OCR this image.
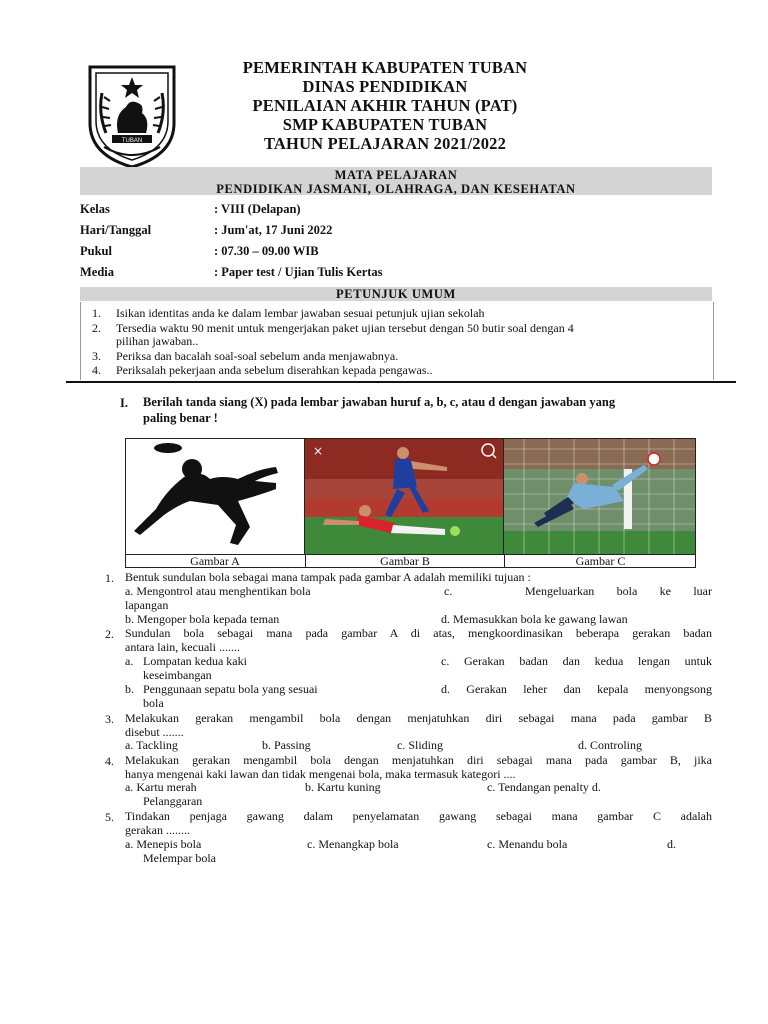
TUBAN
PEMERINTAH KABUPATEN TUBAN
DINAS PENDIDIKAN
PENILAIAN AKHIR TAHUN (PAT)
SMP KABUPATEN TUBAN
TAHUN PELAJARAN 2021/2022
MATA PELAJARAN
PENDIDIKAN JASMANI, OLAHRAGA, DAN KESEHATAN
Kelas	: VIII (Delapan)
Hari/Tanggal	: Jum'at, 17 Juni 2022
Pukul	: 07.30 – 09.00 WIB
Media	: Paper test / Ujian Tulis Kertas
PETUNJUK UMUM
1. Isikan identitas anda ke dalam lembar jawaban sesuai petunjuk ujian sekolah
2. Tersedia waktu 90 menit untuk mengerjakan paket ujian tersebut dengan 50 butir soal dengan 4
pilihan jawaban..
3. Periksa dan bacalah soal-soal sebelum anda menjawabnya.
4. Periksalah pekerjaan anda sebelum diserahkan kepada pengawas..
I. Berilah tanda siang (X) pada lembar jawaban huruf a, b, c, atau d dengan jawaban yang
paling benar !
×
Gambar A	Gambar B	Gambar C
1. Bentuk sundulan bola sebagai mana tampak pada gambar A adalah memiliki tujuan :
a. Mengontrol atau menghentikan bola	c.	Mengeluarkan bola ke luar
lapangan
b. Mengoper bola kepada teman	d. Memasukkan bola ke gawang lawan
2. Sundulan bola sebagai mana pada gambar A di atas, mengkoordinasikan beberapa gerakan badan
antara lain, kecuali .......
a. Lompatan kedua kaki	c. Gerakan badan dan kedua lengan untuk
keseimbangan
b. Penggunaan sepatu bola yang sesuai	d. Gerakan leher dan kepala menyongsong
bola
3. Melakukan gerakan mengambil bola dengan menjatuhkan diri sebagai mana pada gambar B
disebut .......
a. Tackling	b. Passing	c. Sliding	d. Controling
4. Melakukan gerakan mengambil bola dengan menjatuhkan diri sebagai mana pada gambar B, jika
hanya mengenai kaki lawan dan tidak mengenai bola, maka termasuk kategori ....
a. Kartu merah	b. Kartu kuning	c. Tendangan penalty d.
Pelanggaran
5. Tindakan penjaga gawang dalam penyelamatan gawang sebagai mana gambar C adalah
gerakan ........
a. Menepis bola	c. Menangkap bola	c. Menandu bola	d.
Melempar bola
